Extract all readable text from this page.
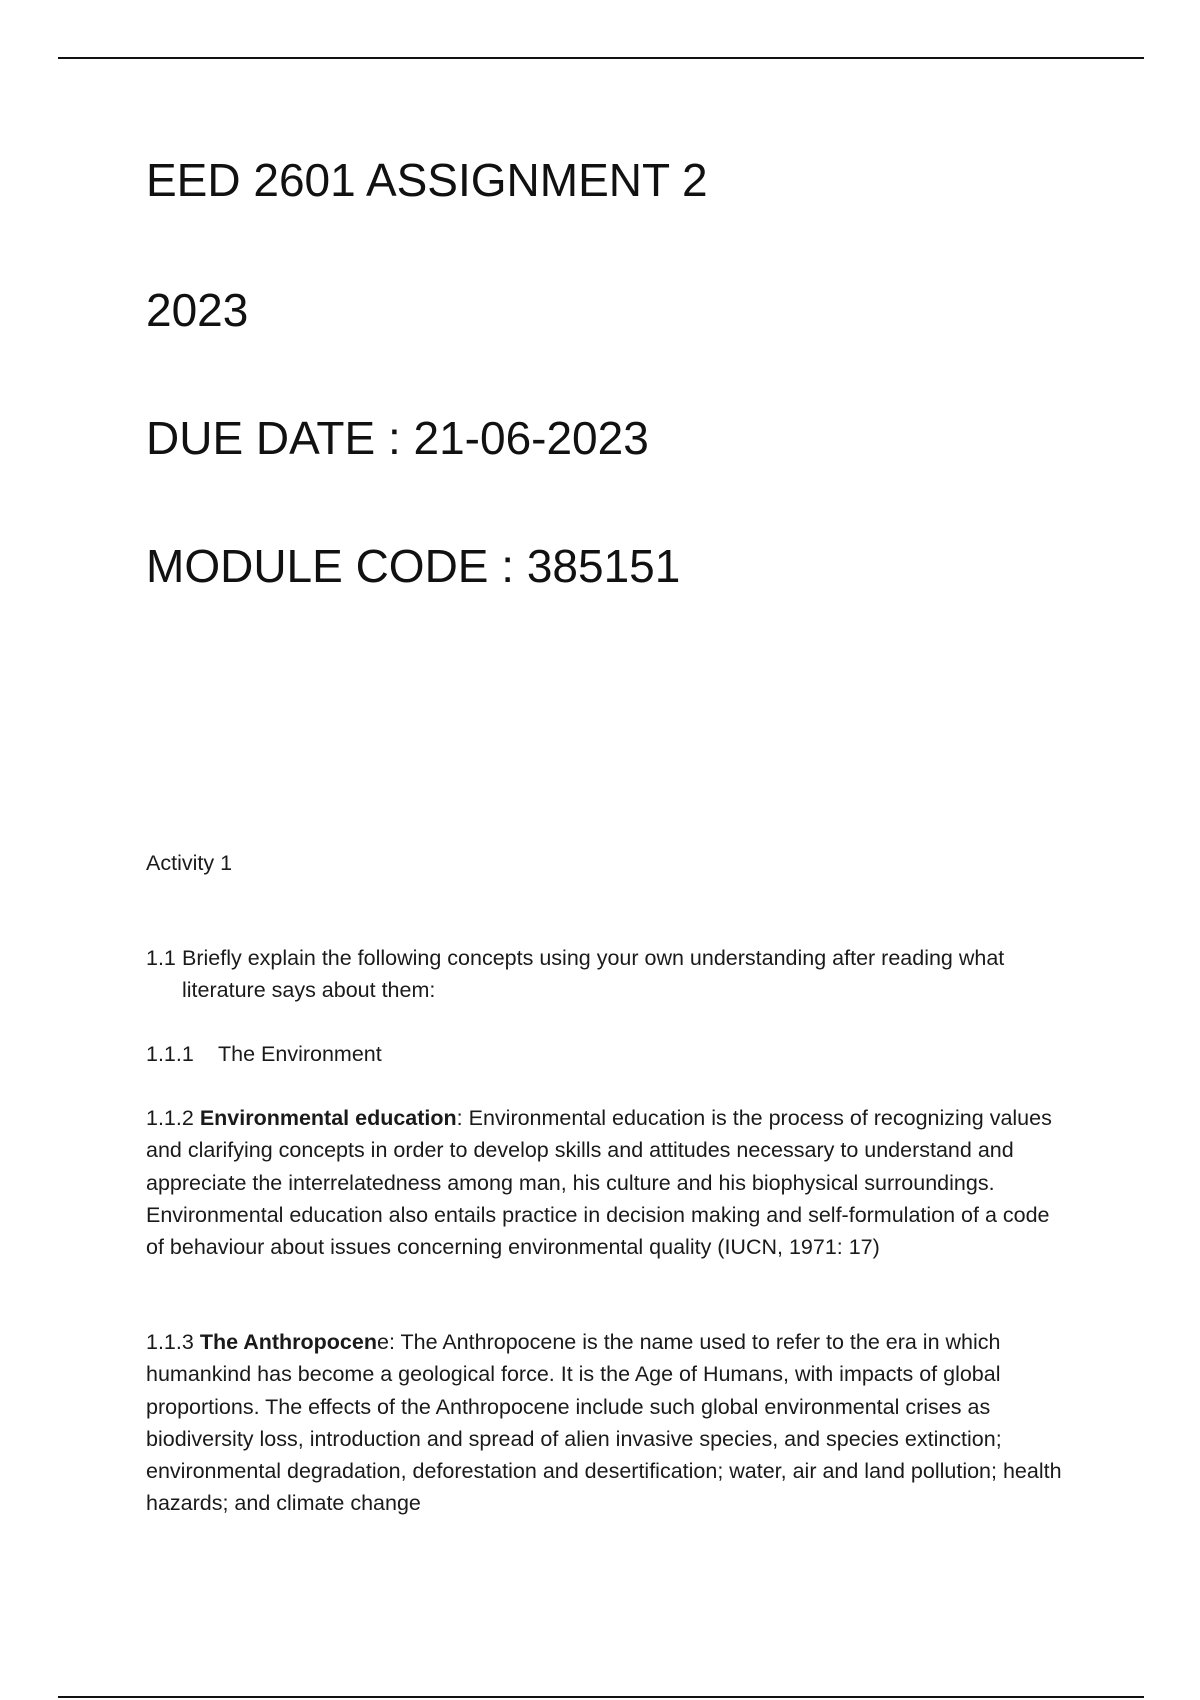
EED 2601 ASSIGNMENT 2
2023
DUE DATE : 21-06-2023
MODULE CODE : 385151

Activity 1

1.1 Briefly explain the following concepts using your own understanding after reading what literature says about them:
1.1.1 The Environment

1.1.2 Environmental education: Environmental education is the process of recognizing values and clarifying concepts in order to develop skills and attitudes necessary to understand and appreciate the interrelatedness among man, his culture and his biophysical surroundings. Environmental education also entails practice in decision making and self-formulation of a code of behaviour about issues concerning environmental quality (IUCN, 1971: 17)

1.1.3 The Anthropocene: The Anthropocene is the name used to refer to the era in which humankind has become a geological force. It is the Age of Humans, with impacts of global proportions. The effects of the Anthropocene include such global environmental crises as biodiversity loss, introduction and spread of alien invasive species, and species extinction; environmental degradation, deforestation and desertification; water, air and land pollution; health hazards; and climate change
